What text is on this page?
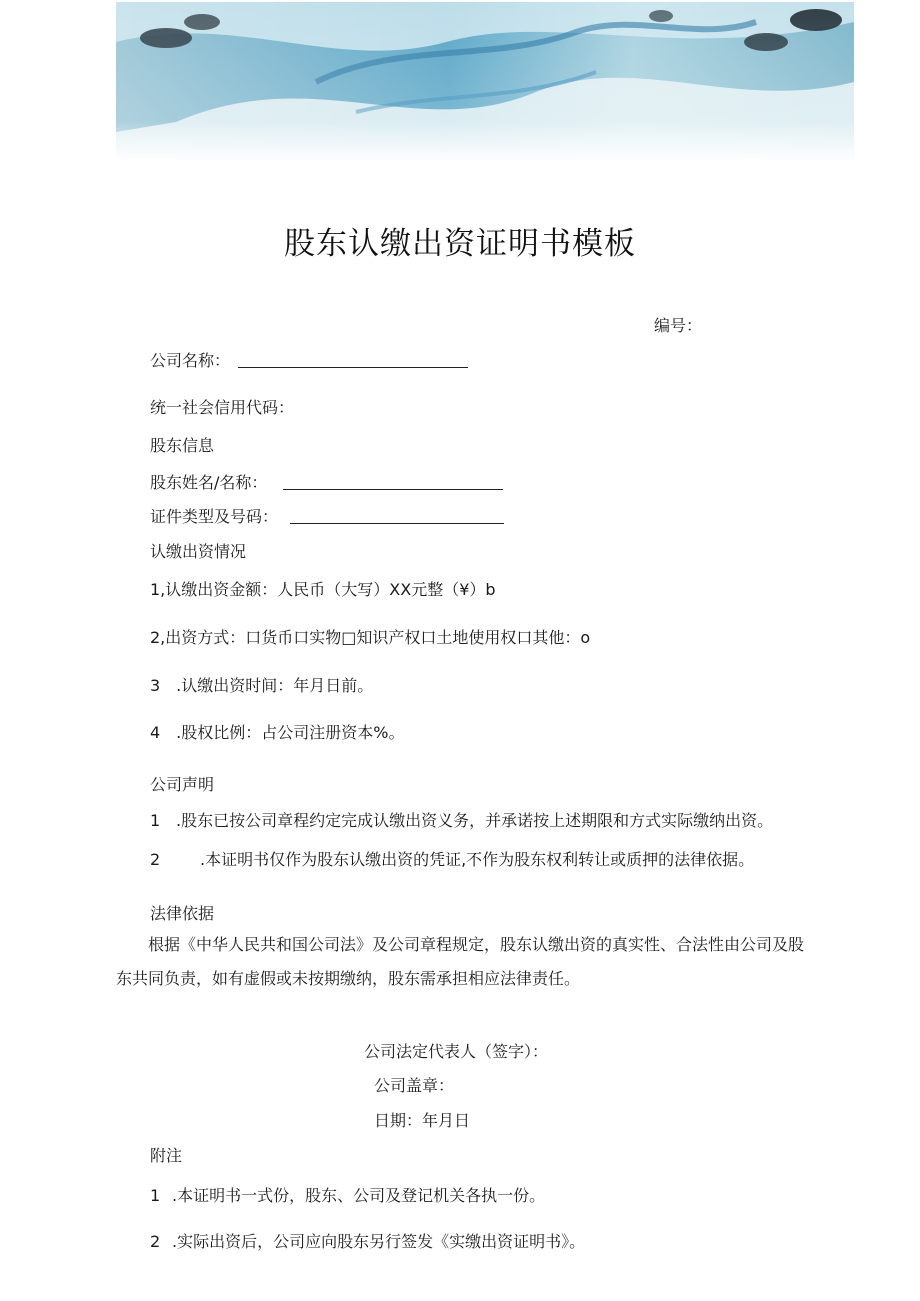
股东认缴出资证明书模板
编号：
公司名称：
统一社会信用代码：
股东信息
股东姓名/名称：
证件类型及号码：
认缴出资情况
1,认缴出资金额：人民币（大写）XX元整（¥）b
2,出资方式：口货币口实物□知识产权口土地使用权口其他：o
3　.认缴出资时间：年月日前。
4　.股权比例：占公司注册资本%。
公司声明
1 .股东已按公司章程约定完成认缴出资义务，并承诺按上述期限和方式实际缴纳出资。
2 .本证明书仅作为股东认缴出资的凭证,不作为股东权利转让或质押的法律依据。
法律依据
根据《中华人民共和国公司法》及公司章程规定，股东认缴出资的真实性、合法性由公司及股东共同负责，如有虚假或未按期缴纳，股东需承担相应法律责任。
公司法定代表人（签字）：
公司盖章：
日期：年月日
附注
1 .本证明书一式份，股东、公司及登记机关各执一份。
2 .实际出资后，公司应向股东另行签发《实缴出资证明书》。
